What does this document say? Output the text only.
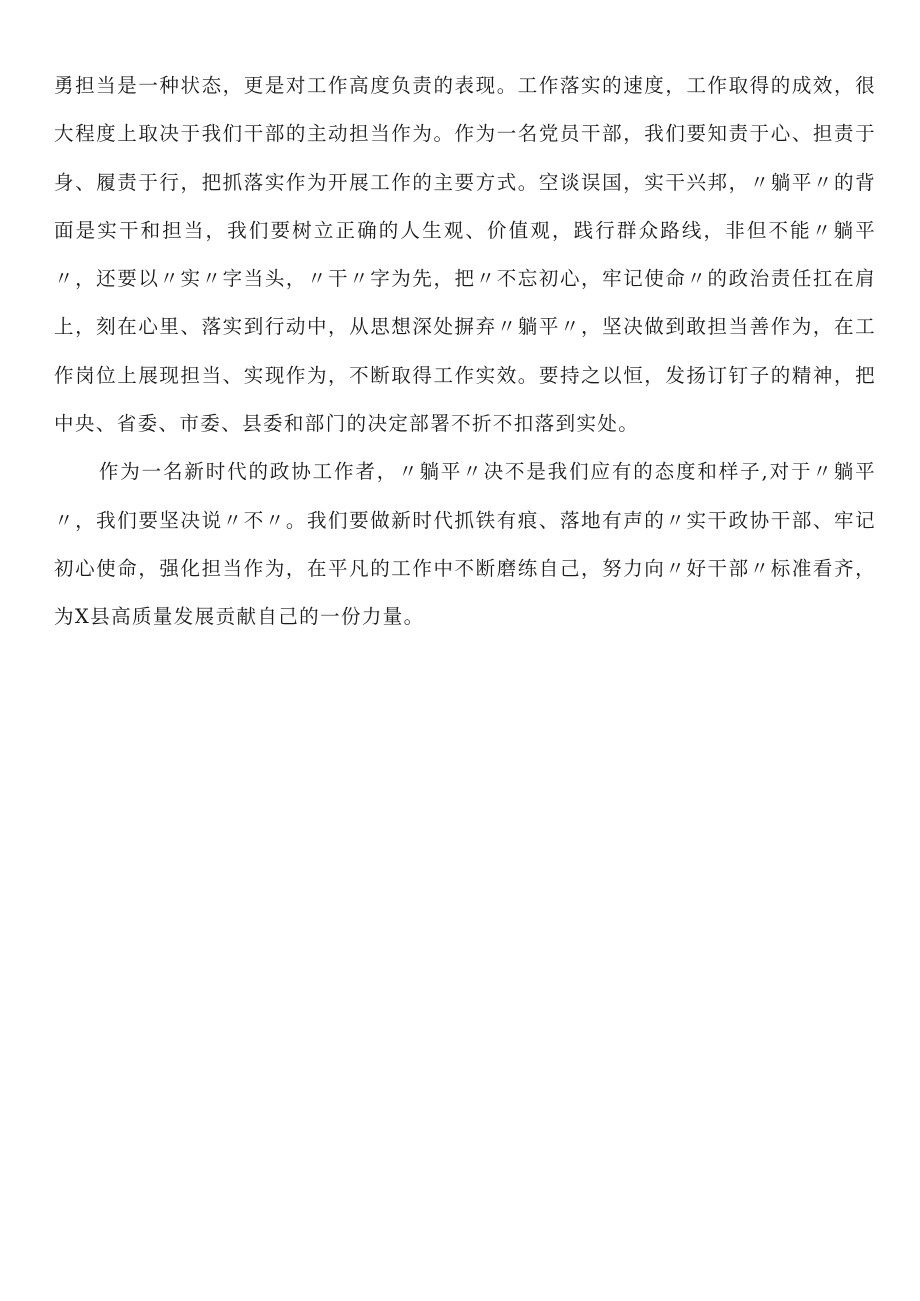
勇担当是一种状态，更是对工作高度负责的表现。工作落实的速度，工作取得的成效，很大程度上取决于我们干部的主动担当作为。作为一名党员干部，我们要知责于心、担责于身、履责于行，把抓落实作为开展工作的主要方式。空谈误国，实干兴邦，〃躺平〃的背面是实干和担当，我们要树立正确的人生观、价值观，践行群众路线，非但不能〃躺平〃，还要以〃实〃字当头，〃干〃字为先，把〃不忘初心，牢记使命〃的政治责任扛在肩上，刻在心里、落实到行动中，从思想深处摒弃〃躺平〃，坚决做到敢担当善作为，在工作岗位上展现担当、实现作为，不断取得工作实效。要持之以恒，发扬订钉子的精神，把中央、省委、市委、县委和部门的决定部署不折不扣落到实处。

作为一名新时代的政协工作者，〃躺平〃决不是我们应有的态度和样子,对于〃躺平〃，我们要坚决说〃不〃。我们要做新时代抓铁有痕、落地有声的〃实干政协干部、牢记初心使命，强化担当作为，在平凡的工作中不断磨练自己，努力向〃好干部〃标准看齐，为X县高质量发展贡献自己的一份力量。
